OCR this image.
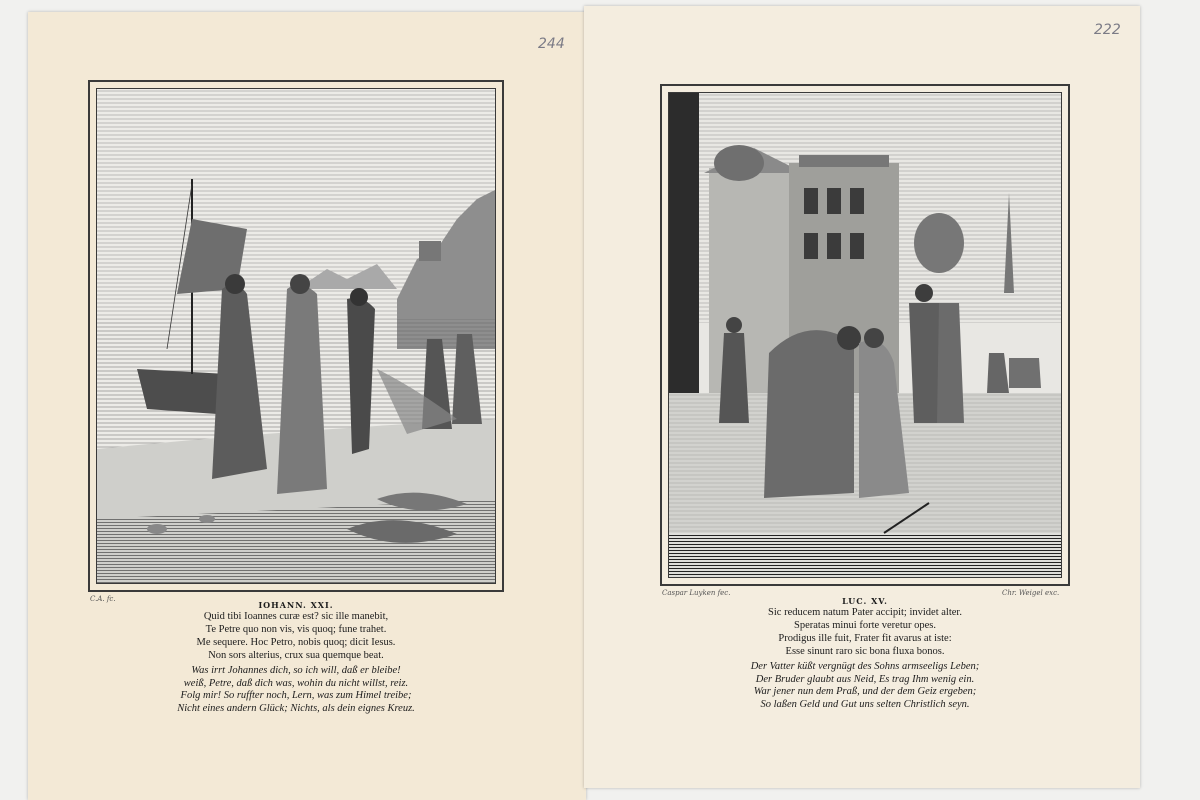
244
C.A. fc.
IOHANN. XXI.
Quid tibi Ioannes curæ est? sic ille manebit,
Te Petre quo non vis, vis quoq; fune trahet.
Me sequere. Hoc Petro, nobis quoq; dicit Iesus.
Non sors alterius, crux sua quemque beat.
Was irrt Johannes dich, so ich will, daß er bleibe!
weiß, Petre, daß dich was, wohin du nicht willst, reiz.
Folg mir! So ruffter noch, Lern, was zum Himel treibe;
Nicht eines andern Glück; Nichts, als dein eignes Kreuz.
222
Caspar Luyken fec.	Chr. Weigel exc.
LUC. XV.
Sic reducem natum Pater accipit; invidet alter.
Speratas minui forte veretur opes.
Prodigus ille fuit, Frater fit avarus at iste:
Esse sinunt raro sic bona fluxa bonos.
Der Vatter küßt vergnügt des Sohns armseeligs Leben;
Der Bruder glaubt aus Neid, Es trag Ihm wenig ein.
War jener nun dem Praß, und der dem Geiz ergeben;
So laßen Geld und Gut uns selten Christlich seyn.
